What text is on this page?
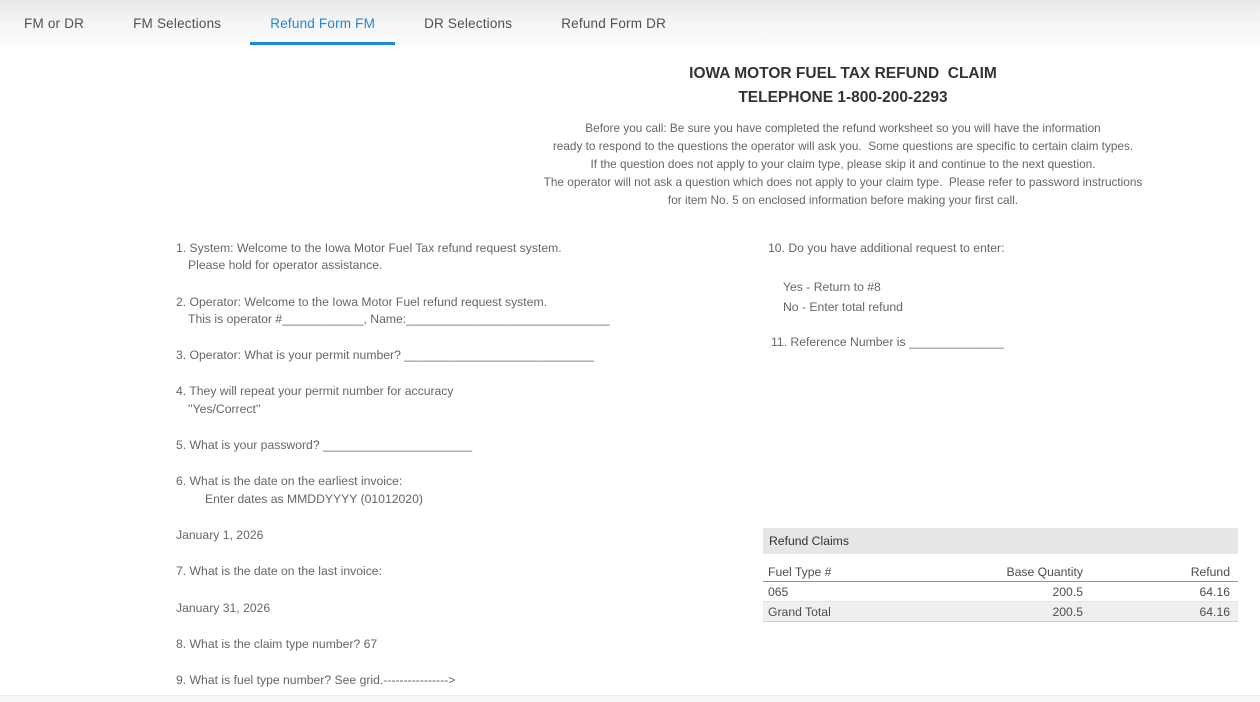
FM or DR	FM Selections	Refund Form FM	DR Selections	Refund Form DR
IOWA MOTOR FUEL TAX REFUND  CLAIM
TELEPHONE 1-800-200-2293
Before you call: Be sure you have completed the refund worksheet so you will have the information
ready to respond to the questions the operator will ask you.  Some questions are specific to certain claim types.
If the question does not apply to your claim type, please skip it and continue to the next question.
The operator will not ask a question which does not apply to your claim type.  Please refer to password instructions
for item No. 5 on enclosed information before making your first call.
1. System: Welcome to the Iowa Motor Fuel Tax refund request system.
Please hold for operator assistance.
2. Operator: Welcome to the Iowa Motor Fuel refund request system.
This is operator #____________, Name:______________________________
3. Operator: What is your permit number? ____________________________
4. They will repeat your permit number for accuracy
''Yes/Correct''
5. What is your password? ______________________
6. What is the date on the earliest invoice:
Enter dates as MMDDYYYY (01012020)
January 1, 2026
7. What is the date on the last invoice:
January 31, 2026
8. What is the claim type number? 67
9. What is fuel type number? See grid.---------------->
10. Do you have additional request to enter:
Yes - Return to #8
No - Enter total refund
11. Reference Number is ______________
Refund Claims
Fuel Type #	Base Quantity	Refund
065	200.5	64.16
Grand Total	200.5	64.16
